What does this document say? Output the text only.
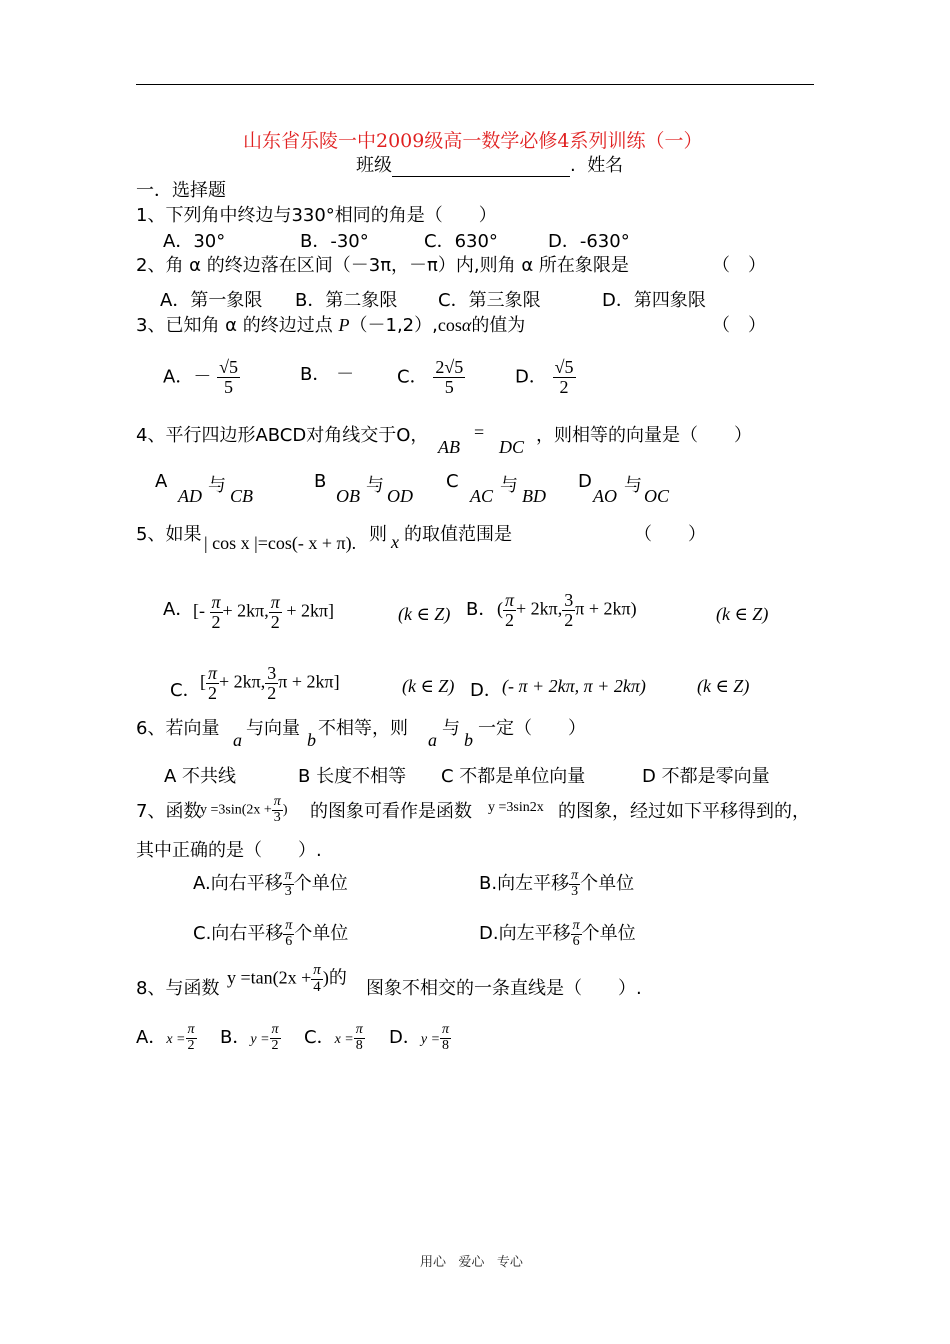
山东省乐陵一中2009级高一数学必修4系列训练（一）
班级	. 姓名
一．选择题
1、下列角中终边与330°相同的角是（　　）
A．30°	B．-30°	C．630°	D．-630°
2、角 α 的终边落在区间（－3π，－π）内,则角 α 所在象限是	（　）
A．第一象限 B．第二象限 C．第三象限	D．第四象限
3、已知角 α 的终边过点 P（－1,2）,cosα的值为	（　）
A．－ $\frac{√5}{5}$	B． － C． $\frac{2√5}{5}$	D． $\frac{√5}{2}$
4、平行四边形ABCD对角线交于O，
AB
=
DC
，则相等的向量是（　　）
A
AD 与 CB
B
OB 与 OD
C
AC 与 BD
D
AO 与 OC
5、如果 | cos x |=cos(- x + π). 则 x 的取值范围是	（　　）
A． [- $\frac{\pi}{2} + 2k\pi$, $\frac{\pi}{2} + 2k\pi$]	(k ∈ Z) B． ( $\frac{\pi}{2} + 2k\pi$, $\frac{3}{2}$ π + 2kπ)	(k ∈ Z)
C． [ $\frac{\pi}{2} + 2k\pi$, $\frac{3}{2}$ π + 2kπ]	(k ∈ Z) D． (- π + 2kπ, π + 2kπ)	(k ∈ Z)
6、若向量
a
与向量
b
不相等，则
a
与
b
一定（　　）
A 不共线	B 长度不相等 C 不都是单位向量	D 不都是零向量
7、函数
$y =3\sin(2x + \frac{\pi}{3}$ ) 的图象可看作是函数 y =3sin2x 的图象，经过如下平移得到的，
其中正确的是（　　）.
A.向右平移 $\frac{\pi}{3}$ 个单位	B.向左平移 $\frac{\pi}{3}$ 个单位
C.向右平移 $\frac{\pi}{6}$ 个单位	D.向左平移 $\frac{\pi}{6}$ 个单位
8、与函数
$y =\tan(2x + \frac{\pi}{4}$ )的
图象不相交的一条直线是（　　）.
A．$x = \frac{\pi}{2}$ B．$y = \frac{\pi}{2}$ C．$x = \frac{\pi}{8}$ D．$y = \frac{\pi}{8}$
用心 爱心 专心
